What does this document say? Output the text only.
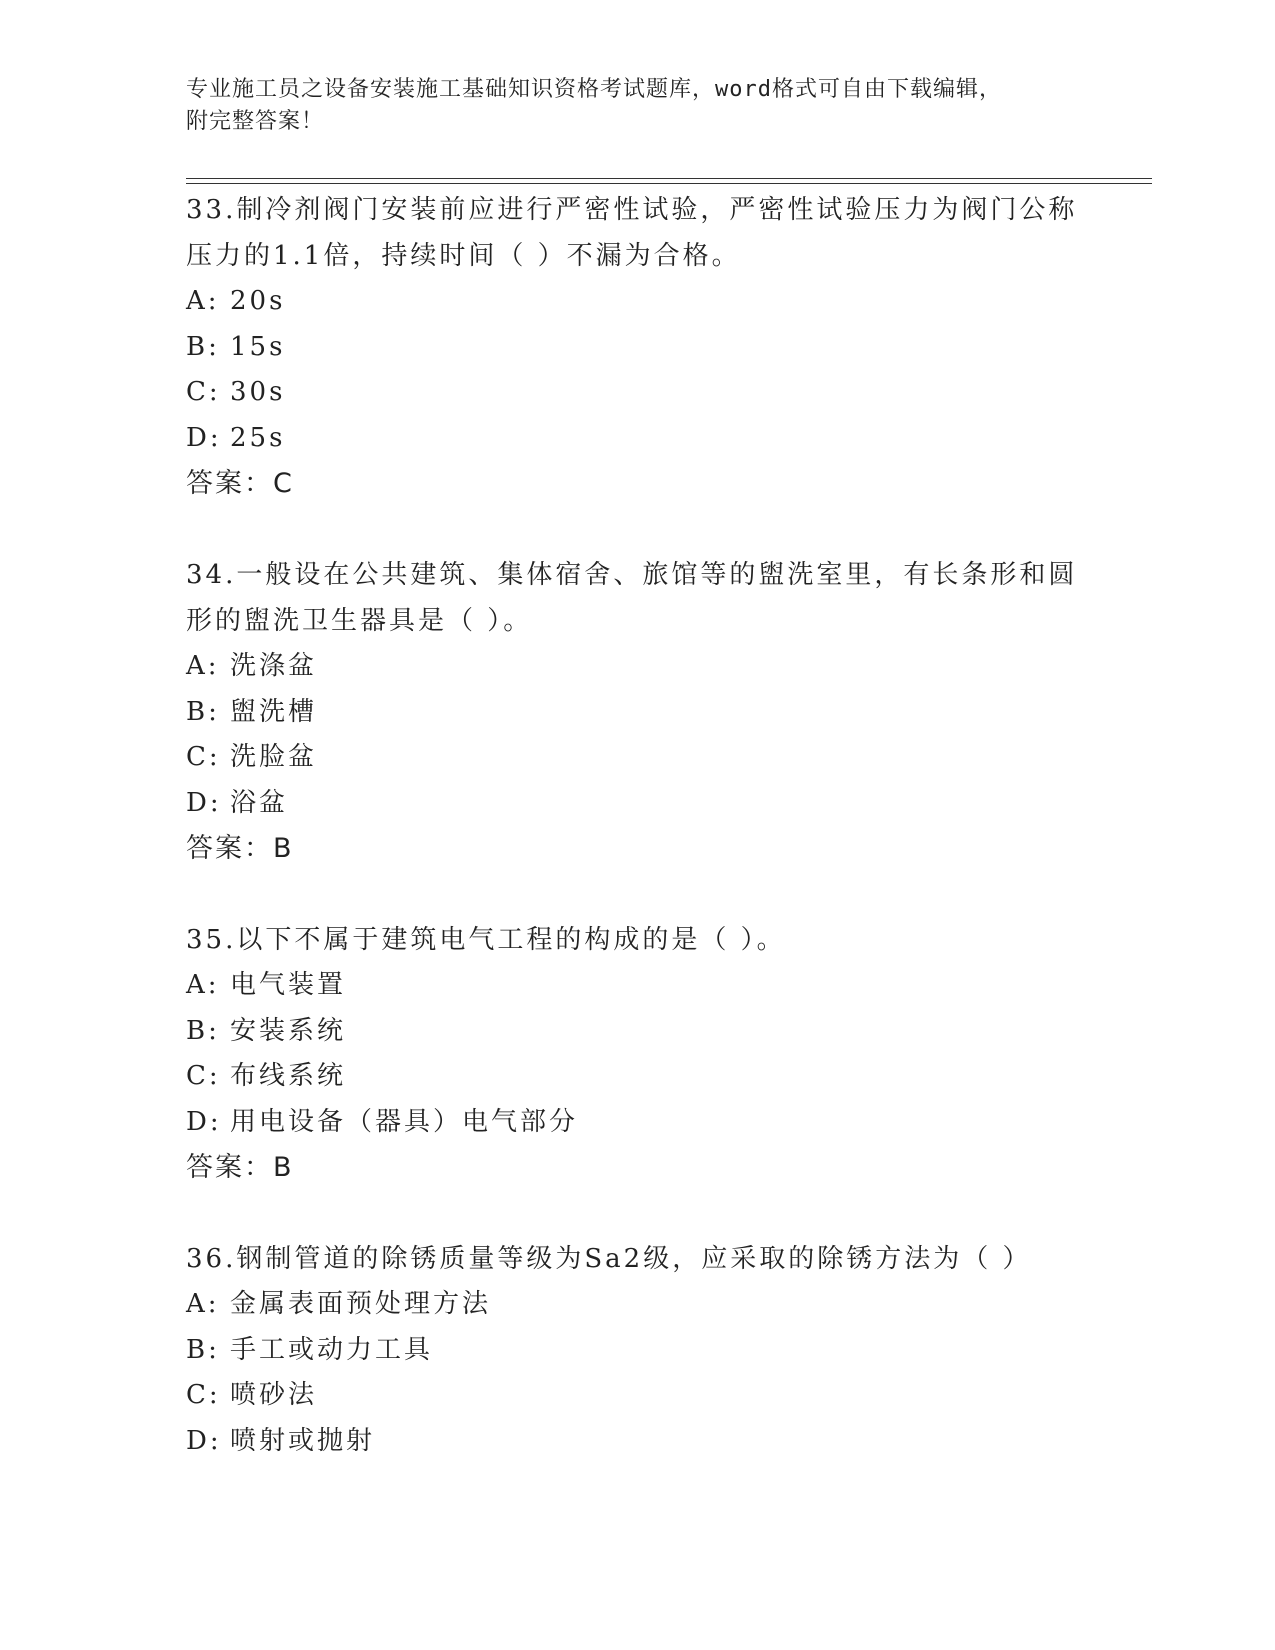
专业施工员之设备安装施工基础知识资格考试题库，word格式可自由下载编辑，
附完整答案！
33.制冷剂阀门安装前应进行严密性试验，严密性试验压力为阀门公称
压力的1.1倍，持续时间（ ）不漏为合格。
A: 20s
B: 15s
C: 30s
D: 25s
答案：C
34.一般设在公共建筑、集体宿舍、旅馆等的盥洗室里，有长条形和圆
形的盥洗卫生器具是（ ）。
A: 洗涤盆
B: 盥洗槽
C: 洗脸盆
D: 浴盆
答案：B
35.以下不属于建筑电气工程的构成的是（ ）。
A: 电气装置
B: 安装系统
C: 布线系统
D: 用电设备（器具）电气部分
答案：B
36.钢制管道的除锈质量等级为Sa2级，应采取的除锈方法为（ ）
A: 金属表面预处理方法
B: 手工或动力工具
C: 喷砂法
D: 喷射或抛射
